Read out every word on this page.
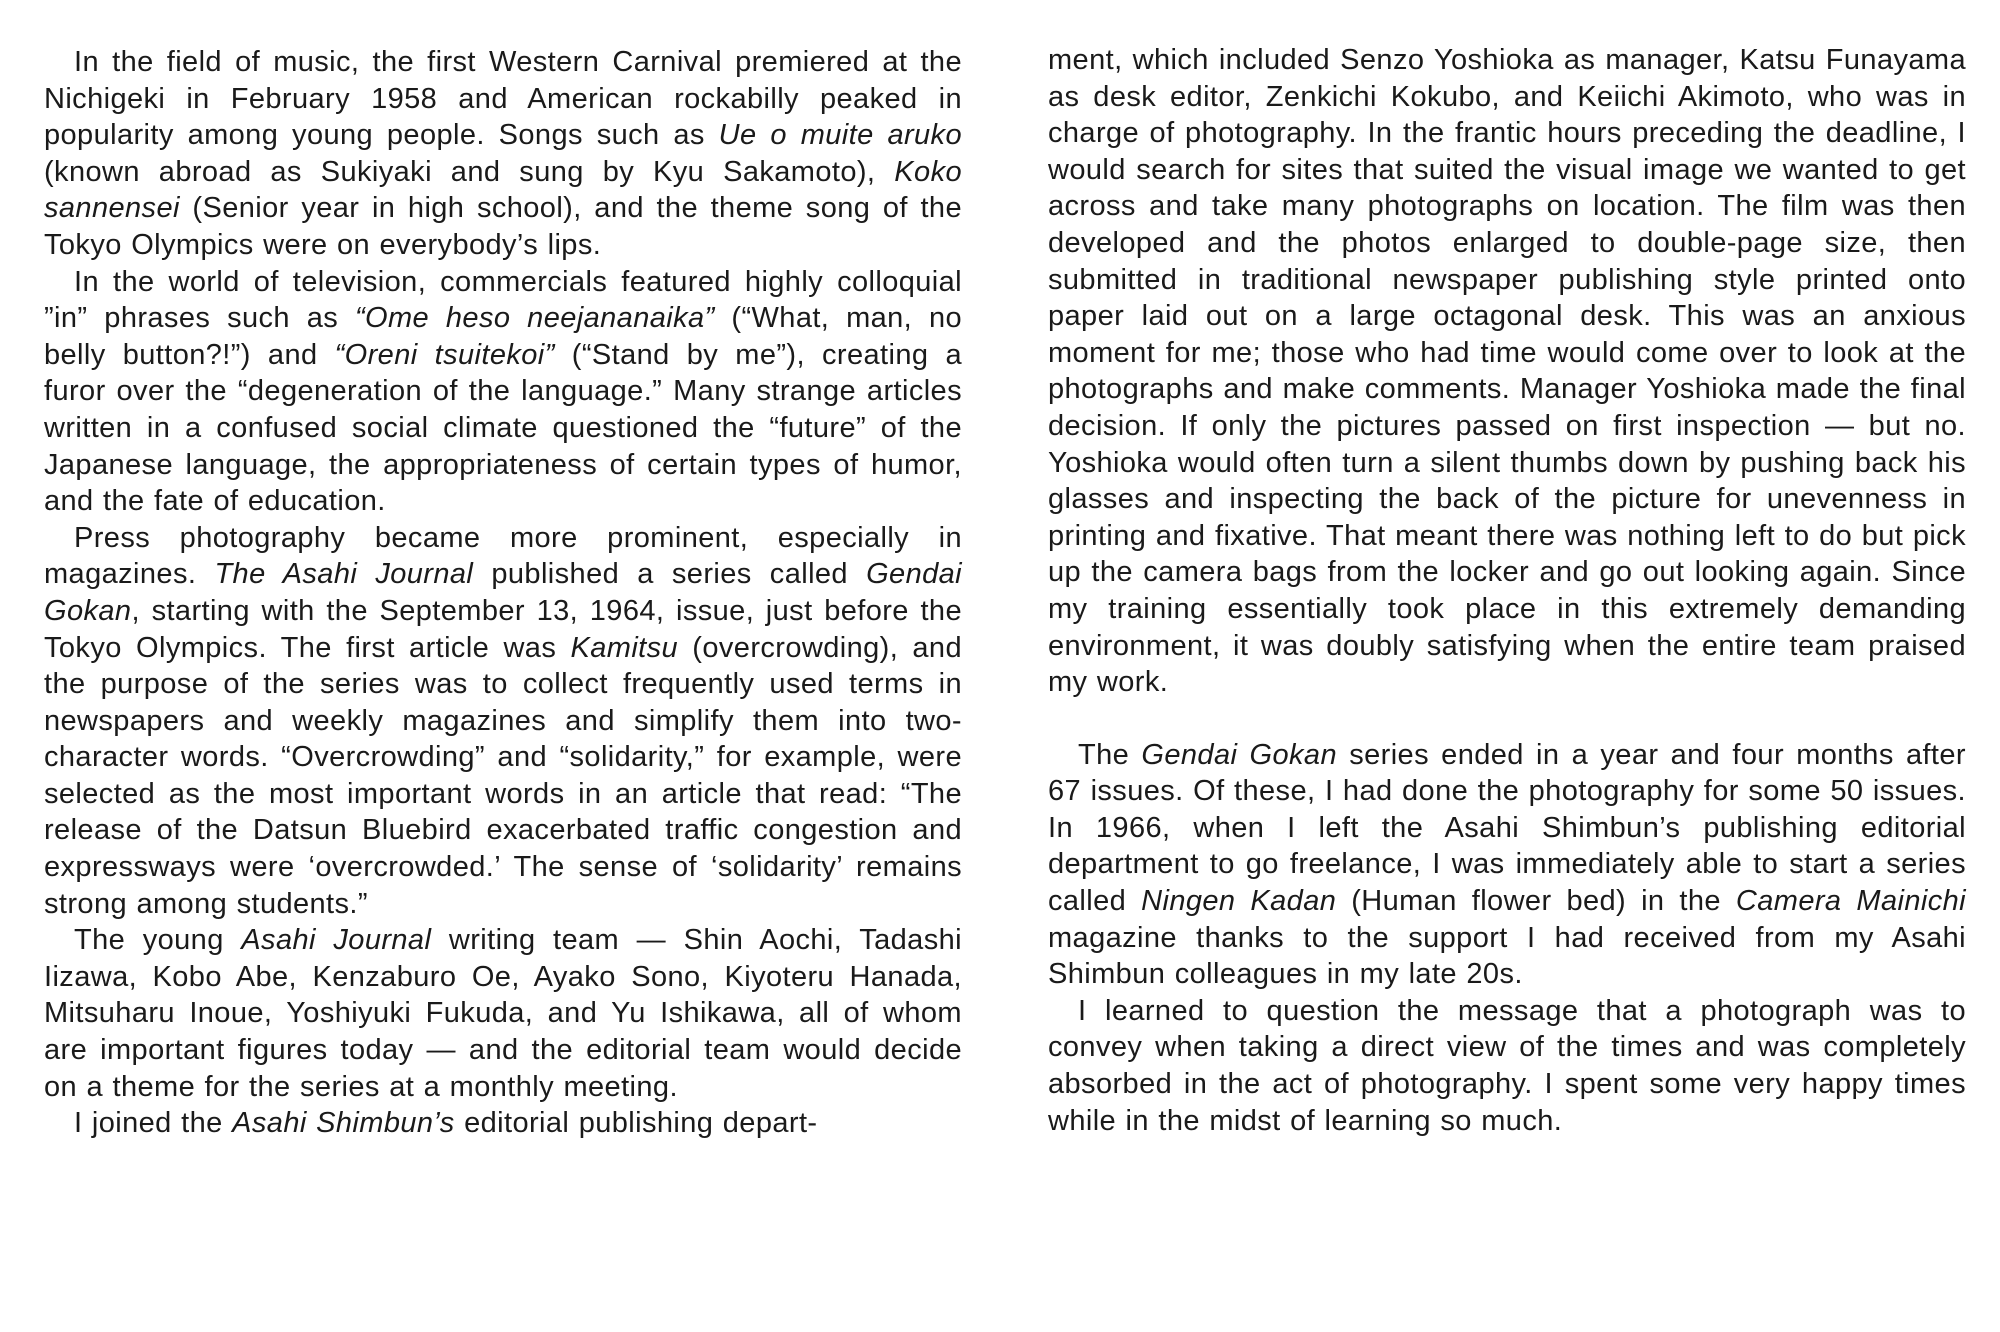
In the field of music, the first Western Carnival premiered at the Nichigeki in February 1958 and American rockabilly peaked in popularity among young people. Songs such as Ue o muite aruko (known abroad as Sukiyaki and sung by Kyu Sakamoto), Koko sannensei (Senior year in high school), and the theme song of the Tokyo Olympics were on everybody’s lips.

In the world of television, commercials featured highly colloquial ”in” phrases such as “Ome heso neejananaika” (“What, man, no belly button?!”) and “Oreni tsuitekoi” (“Stand by me”), creating a furor over the “degeneration of the language.” Many strange articles written in a confused social climate questioned the “future” of the Japanese language, the appropriateness of certain types of humor, and the fate of education.

Press photography became more prominent, especially in magazines. The Asahi Journal published a series called Gendai Gokan, starting with the September 13, 1964, issue, just before the Tokyo Olympics. The first article was Kamitsu (overcrowding), and the purpose of the series was to collect frequently used terms in newspapers and weekly magazines and simplify them into two-character words. “Overcrowding” and “solidarity,” for example, were selected as the most important words in an article that read: “The release of the Datsun Bluebird exacerbated traffic congestion and expressways were ‘overcrowded.’ The sense of ‘solidarity’ remains strong among students.”

The young Asahi Journal writing team — Shin Aochi, Tadashi Iizawa, Kobo Abe, Kenzaburo Oe, Ayako Sono, Kiyoteru Hanada, Mitsuharu Inoue, Yoshiyuki Fukuda, and Yu Ishikawa, all of whom are important figures today — and the editorial team would decide on a theme for the series at a monthly meeting.

I joined the Asahi Shimbun’s editorial publishing depart-

ment, which included Senzo Yoshioka as manager, Katsu Funayama as desk editor, Zenkichi Kokubo, and Keiichi Akimoto, who was in charge of photography. In the frantic hours preceding the deadline, I would search for sites that suited the visual image we wanted to get across and take many photographs on location. The film was then developed and the photos enlarged to double-page size, then submitted in traditional newspaper publishing style printed onto paper laid out on a large octagonal desk. This was an anxious moment for me; those who had time would come over to look at the photographs and make comments. Manager Yoshioka made the final decision. If only the pictures passed on first inspection — but no. Yoshioka would often turn a silent thumbs down by pushing back his glasses and inspecting the back of the picture for unevenness in printing and fixative. That meant there was nothing left to do but pick up the camera bags from the locker and go out looking again. Since my training essentially took place in this extremely demanding environment, it was doubly satisfying when the entire team praised my work.

The Gendai Gokan series ended in a year and four months after 67 issues. Of these, I had done the photography for some 50 issues. In 1966, when I left the Asahi Shimbun’s publishing editorial department to go freelance, I was immediately able to start a series called Ningen Kadan (Human flower bed) in the Camera Mainichi magazine thanks to the support I had received from my Asahi Shimbun colleagues in my late 20s.

I learned to question the message that a photograph was to convey when taking a direct view of the times and was completely absorbed in the act of photography. I spent some very happy times while in the midst of learning so much.
